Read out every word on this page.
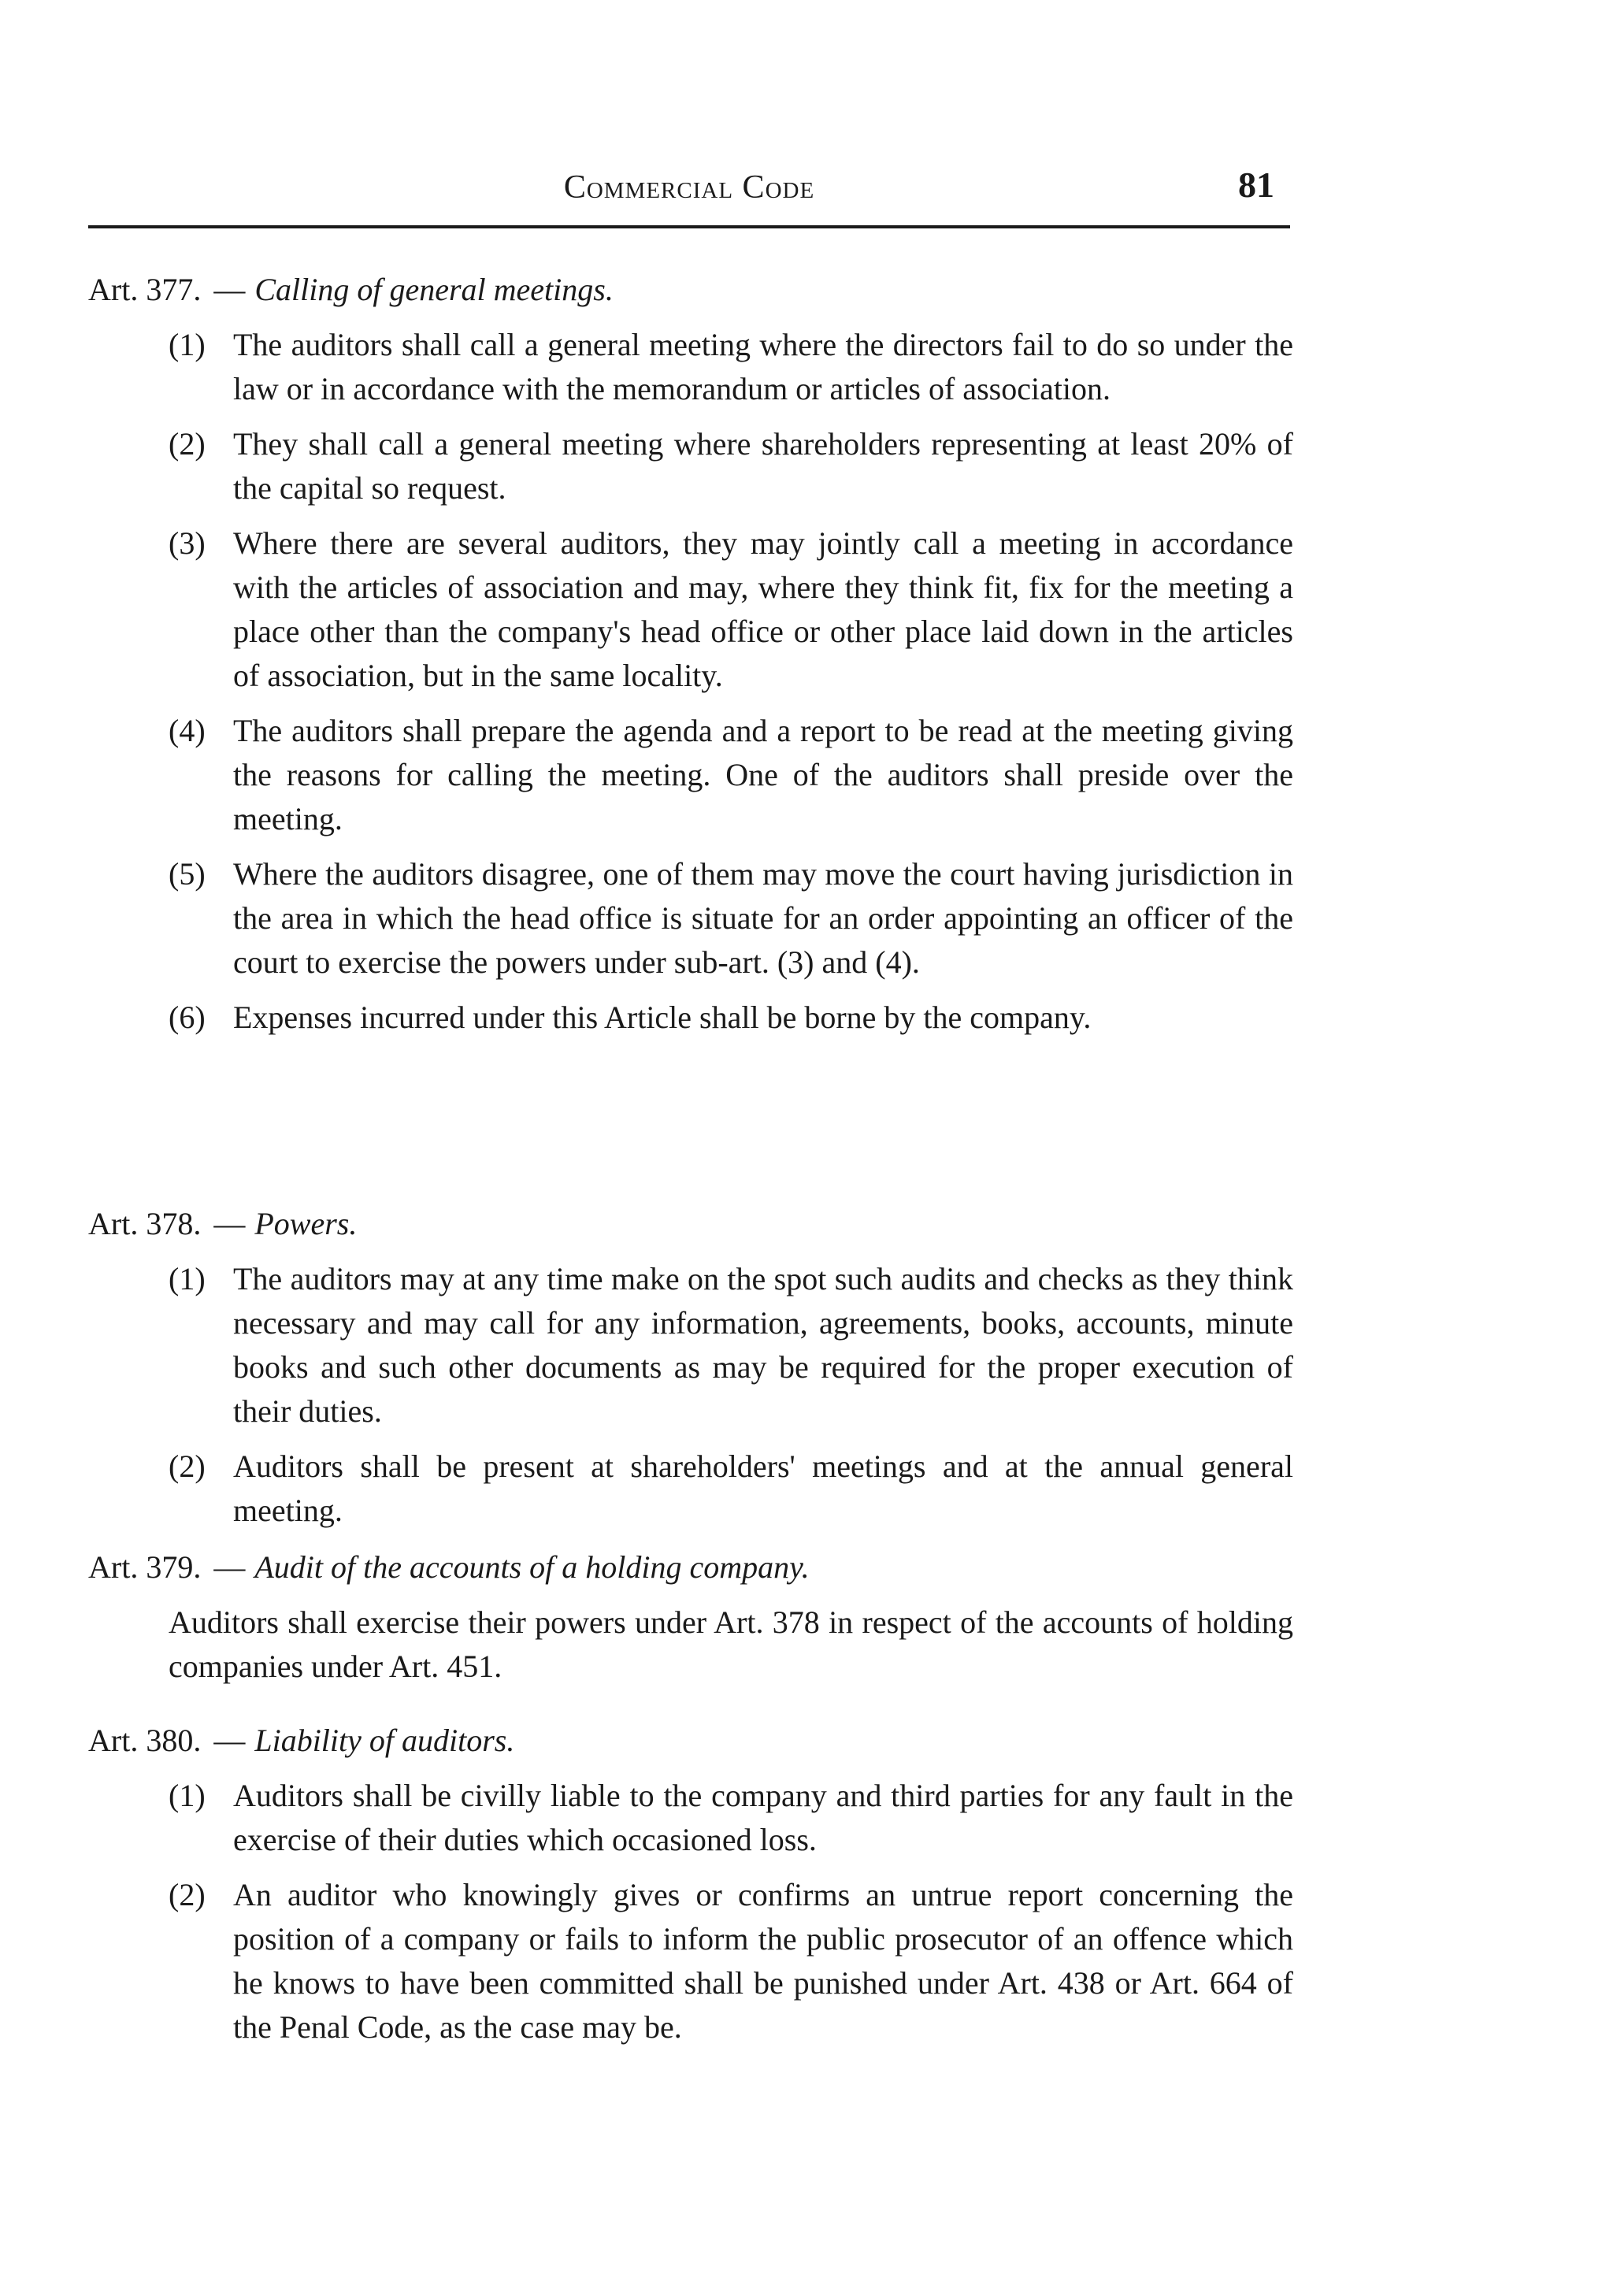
Commercial Code	81
Art. 377. — Calling of general meetings.
(1) The auditors shall call a general meeting where the directors fail to do so under the law or in accordance with the memorandum or articles of association.
(2) They shall call a general meeting where shareholders representing at least 20% of the capital so request.
(3) Where there are several auditors, they may jointly call a meeting in accordance with the articles of association and may, where they think fit, fix for the meeting a place other than the company's head office or other place laid down in the articles of association, but in the same locality.
(4) The auditors shall prepare the agenda and a report to be read at the meeting giving the reasons for calling the meeting. One of the auditors shall preside over the meeting.
(5) Where the auditors disagree, one of them may move the court having jurisdiction in the area in which the head office is situate for an order appointing an officer of the court to exercise the powers under sub-art. (3) and (4).
(6) Expenses incurred under this Article shall be borne by the company.
Art. 378. — Powers.
(1) The auditors may at any time make on the spot such audits and checks as they think necessary and may call for any information, agreements, books, accounts, minute books and such other documents as may be required for the proper execution of their duties.
(2) Auditors shall be present at shareholders' meetings and at the annual general meeting.
Art. 379. — Audit of the accounts of a holding company.
Auditors shall exercise their powers under Art. 378 in respect of the accounts of holding companies under Art. 451.
Art. 380. — Liability of auditors.
(1) Auditors shall be civilly liable to the company and third parties for any fault in the exercise of their duties which occasioned loss.
(2) An auditor who knowingly gives or confirms an untrue report concerning the position of a company or fails to inform the public prosecutor of an offence which he knows to have been committed shall be punished under Art. 438 or Art. 664 of the Penal Code, as the case may be.
